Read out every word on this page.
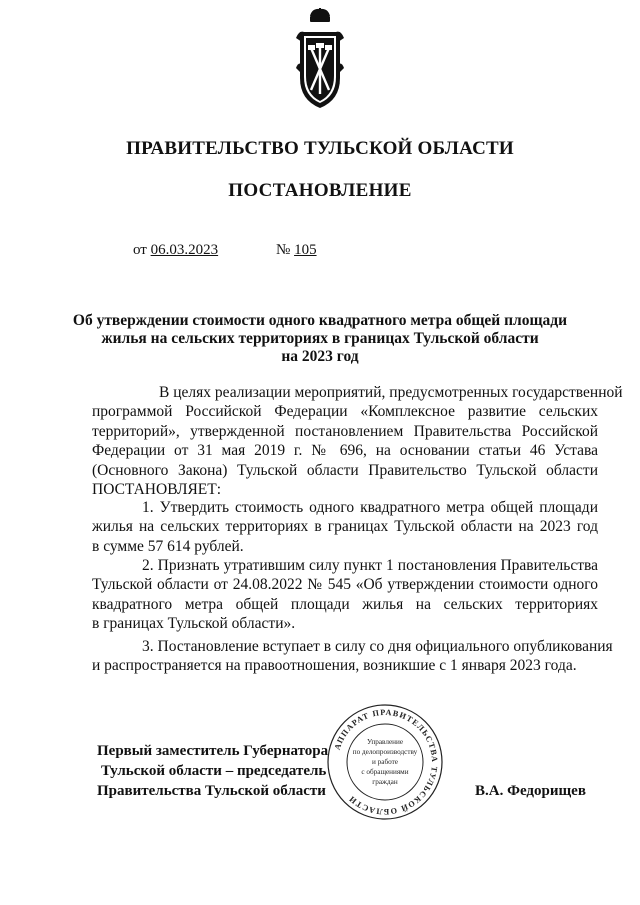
ПРАВИТЕЛЬСТВО ТУЛЬСКОЙ ОБЛАСТИ
ПОСТАНОВЛЕНИЕ
от 06.03.2023	№ 105
Об утверждении стоимости одного квадратного метра общей площади
жилья на сельских территориях в границах Тульской области
на 2023 год
В целях реализации мероприятий, предусмотренных государственной
программой Российской Федерации «Комплексное развитие сельских
территорий», утвержденной постановлением Правительства Российской
Федерации от 31 мая 2019 г. № 696, на основании статьи 46 Устава
(Основного Закона) Тульской области Правительство Тульской области
ПОСТАНОВЛЯЕТ:
1. Утвердить стоимость одного квадратного метра общей площади
жилья на сельских территориях в границах Тульской области на 2023 год
в сумме 57 614 рублей.
2. Признать утратившим силу пункт 1 постановления Правительства
Тульской области от 24.08.2022 № 545 «Об утверждении стоимости одного
квадратного метра общей площади жилья на сельских территориях
в границах Тульской области».
3. Постановление вступает в силу со дня официального опубликования
и распространяется на правоотношения, возникшие с 1 января 2023 года.
Первый заместитель Губернатора
Тульской области – председатель
Правительства Тульской области	В.А. Федорищев
АППАРАТ ПРАВИТЕЛЬСТВА ТУЛЬСКОЙ ОБЛАСТИ
Управление
по делопроизводству
и работе
с обращениями
граждан
